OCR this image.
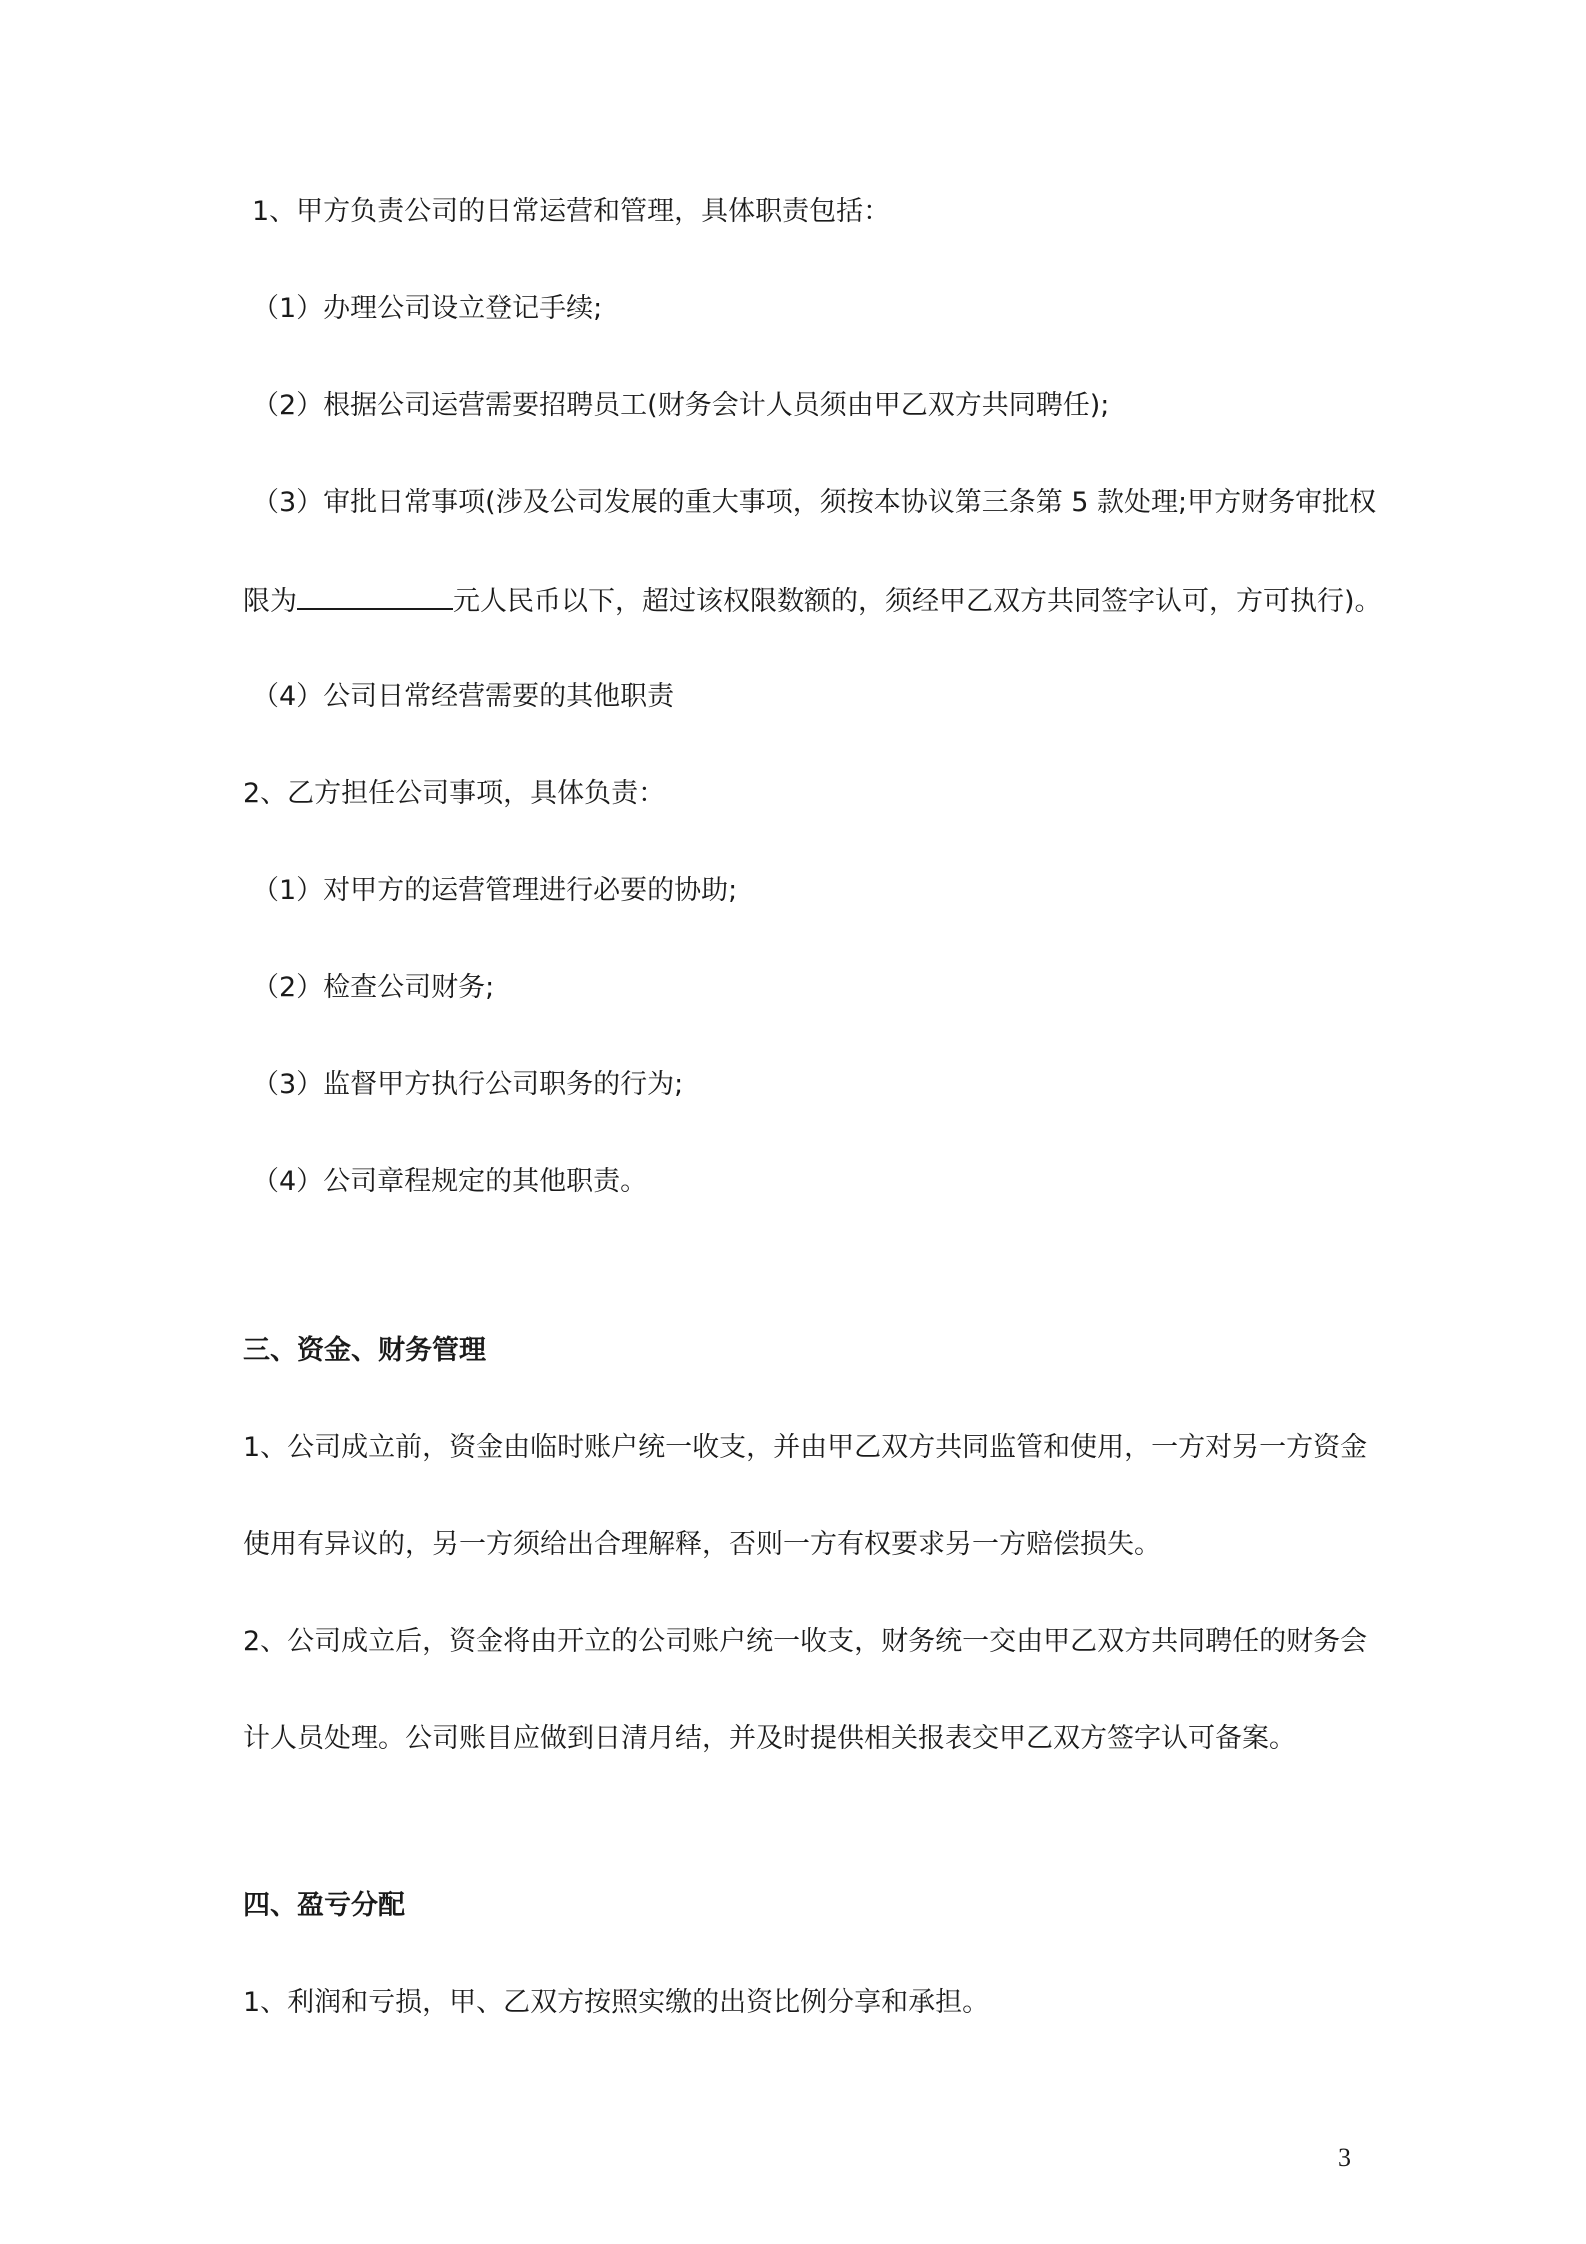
1、甲方负责公司的日常运营和管理，具体职责包括：

（1）办理公司设立登记手续;

（2）根据公司运营需要招聘员工(财务会计人员须由甲乙双方共同聘任);

（3）审批日常事项(涉及公司发展的重大事项，须按本协议第三条第 5 款处理;甲方财务审批权

限为	元人民币以下，超过该权限数额的，须经甲乙双方共同签字认可，方可执行)。

（4）公司日常经营需要的其他职责

2、乙方担任公司事项，具体负责：

（1）对甲方的运营管理进行必要的协助;

（2）检查公司财务;

（3）监督甲方执行公司职务的行为;

（4）公司章程规定的其他职责。

三、资金、财务管理

1、公司成立前，资金由临时账户统一收支，并由甲乙双方共同监管和使用，一方对另一方资金

使用有异议的，另一方须给出合理解释，否则一方有权要求另一方赔偿损失。

2、公司成立后，资金将由开立的公司账户统一收支，财务统一交由甲乙双方共同聘任的财务会

计人员处理。公司账目应做到日清月结，并及时提供相关报表交甲乙双方签字认可备案。

四、盈亏分配

1、利润和亏损，甲、乙双方按照实缴的出资比例分享和承担。

3
